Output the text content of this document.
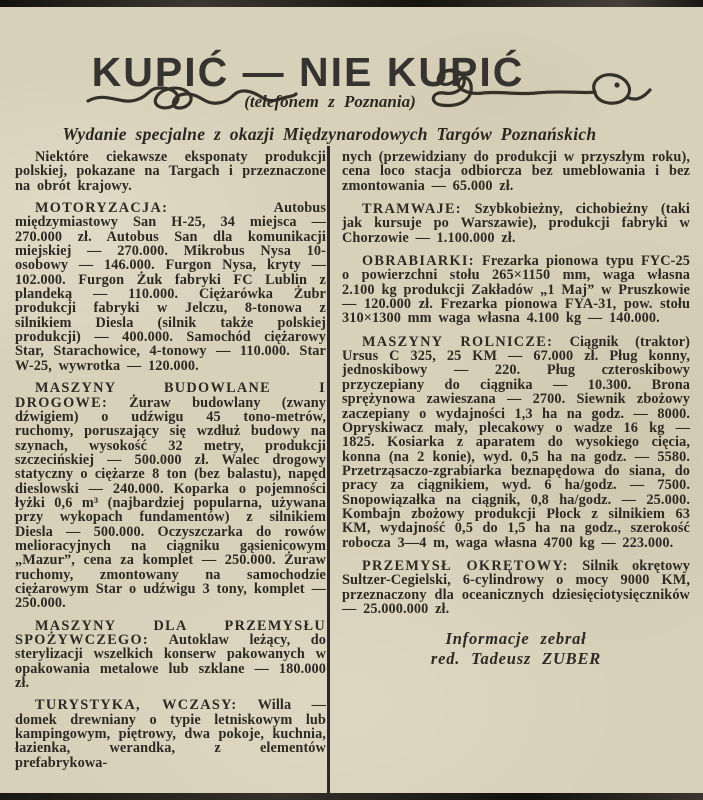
KUPIĆ — NIE KUPIĆ
(telefonem z Poznania)
Wydanie specjalne z okazji Międzynarodowych Targów Poznańskich

Niektóre ciekawsze eksponaty produkcji polskiej, pokazane na Targach i przeznaczone na obrót krajowy.

MOTORYZACJA:	Autobus międzymiastowy San H-25, 34 miejsca — 270.000 zł. Autobus San dla komunikacji miejskiej — 270.000. Mikrobus Nysa 10-osobowy — 146.000. Furgon Nysa, kryty — 102.000. Furgon Żuk fabryki FC Lublin z plandeką — 110.000. Ciężarówka Żubr produkcji fabryki w Jelczu, 8-tonowa z silnikiem Diesla (silnik także polskiej produkcji) — 400.000. Samochód ciężarowy Star, Starachowice, 4-tonowy — 110.000. Star W-25, wywrotka — 120.000.

MASZYNY BUDOWLANE I DROGOWE: Żuraw budowlany (zwany dźwigiem) o udźwigu 45 tono-metrów, ruchomy, poruszający się wzdłuż budowy na szynach, wysokość 32 metry, produkcji szczecińskiej — 500.000 zł. Walec drogowy statyczny o ciężarze 8 ton (bez balastu), napęd dieslowski — 240.000. Koparka o pojemności łyżki 0,6 m³ (najbardziej popularna, używana przy wykopach fundamentów) z silnikiem Diesla — 500.000. Oczyszczarka do rowów melioracyjnych na ciągniku gąsienicowym „Mazur”, cena za komplet — 250.000. Żuraw ruchomy, zmontowany na samochodzie ciężarowym Star o udźwigu 3 tony, komplet — 250.000.

MASZYNY DLA PRZEMYSŁU SPOŻYWCZEGO: Autoklaw leżący, do sterylizacji wszelkich konserw pakowanych w opakowania metalowe lub szklane — 180.000 zł.

TURYSTYKA, WCZASY: Willa — domek drewniany o typie letniskowym lub kampingowym, piętrowy, dwa pokoje, kuchnia, łazienka, werandka, z elementów prefabrykowa-

nych (przewidziany do produkcji w przyszłym roku), cena loco stacja odbiorcza bez umeblowania i bez zmontowania — 65.000 zł.

TRAMWAJE: Szybkobieżny, cichobieżny (taki jak kursuje po Warszawie), produkcji fabryki w Chorzowie — 1.100.000 zł.

OBRABIARKI: Frezarka pionowa typu FYC-25 o powierzchni stołu 265×1150 mm, waga własna 2.100 kg produkcji Zakładów „1 Maj” w Pruszkowie — 120.000 zł. Frezarka pionowa FYA-31, pow. stołu 310×1300 mm waga własna 4.100 kg — 140.000.

MASZYNY ROLNICZE: Ciągnik (traktor) Ursus C 325, 25 KM — 67.000 zł. Pług konny, jednoskibowy — 220. Pług czteroskibowy przyczepiany do ciągnika — 10.300. Brona sprężynowa zawieszana — 2700. Siewnik zbożowy zaczepiany o wydajności 1,3 ha na godz. — 8000. Opryskiwacz mały, plecakowy o wadze 16 kg — 1825. Kosiarka z aparatem do wysokiego cięcia, konna (na 2 konie), wyd. 0,5 ha na godz. — 5580. Przetrząsaczo-zgrabiarka beznapędowa do siana, do pracy za ciągnikiem, wyd. 6 ha/godz. — 7500. Snopowiązałka na ciągnik, 0,8 ha/godz. — 25.000. Kombajn zbożowy produkcji Płock z silnikiem 63 KM, wydajność 0,5 do 1,5 ha na godz., szerokość robocza 3—4 m, waga własna 4700 kg — 223.000.

PRZEMYSŁ OKRĘTOWY: Silnik okrętowy Sultzer-Cegielski, 6-cylindrowy o mocy 9000 KM, przeznaczony dla oceanicznych dziesięciotysięczników — 25.000.000 zł.

Informacje zebrał
red. Tadeusz ZUBER
